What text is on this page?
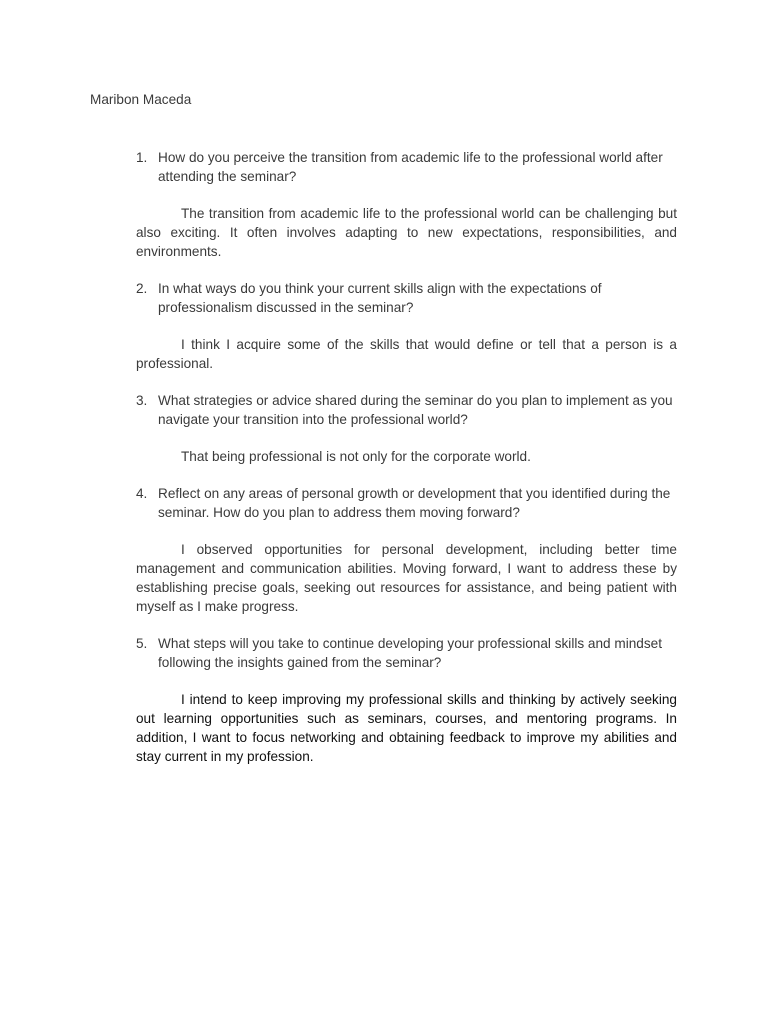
Maribon Maceda

1. How do you perceive the transition from academic life to the professional world after attending the seminar?

The transition from academic life to the professional world can be challenging but also exciting. It often involves adapting to new expectations, responsibilities, and environments.

2. In what ways do you think your current skills align with the expectations of professionalism discussed in the seminar?

I think I acquire some of the skills that would define or tell that a person is a professional.

3. What strategies or advice shared during the seminar do you plan to implement as you navigate your transition into the professional world?

That being professional is not only for the corporate world.

4. Reflect on any areas of personal growth or development that you identified during the seminar. How do you plan to address them moving forward?

I observed opportunities for personal development, including better time management and communication abilities. Moving forward, I want to address these by establishing precise goals, seeking out resources for assistance, and being patient with myself as I make progress.

5. What steps will you take to continue developing your professional skills and mindset following the insights gained from the seminar?

I intend to keep improving my professional skills and thinking by actively seeking out learning opportunities such as seminars, courses, and mentoring programs. In addition, I want to focus networking and obtaining feedback to improve my abilities and stay current in my profession.
